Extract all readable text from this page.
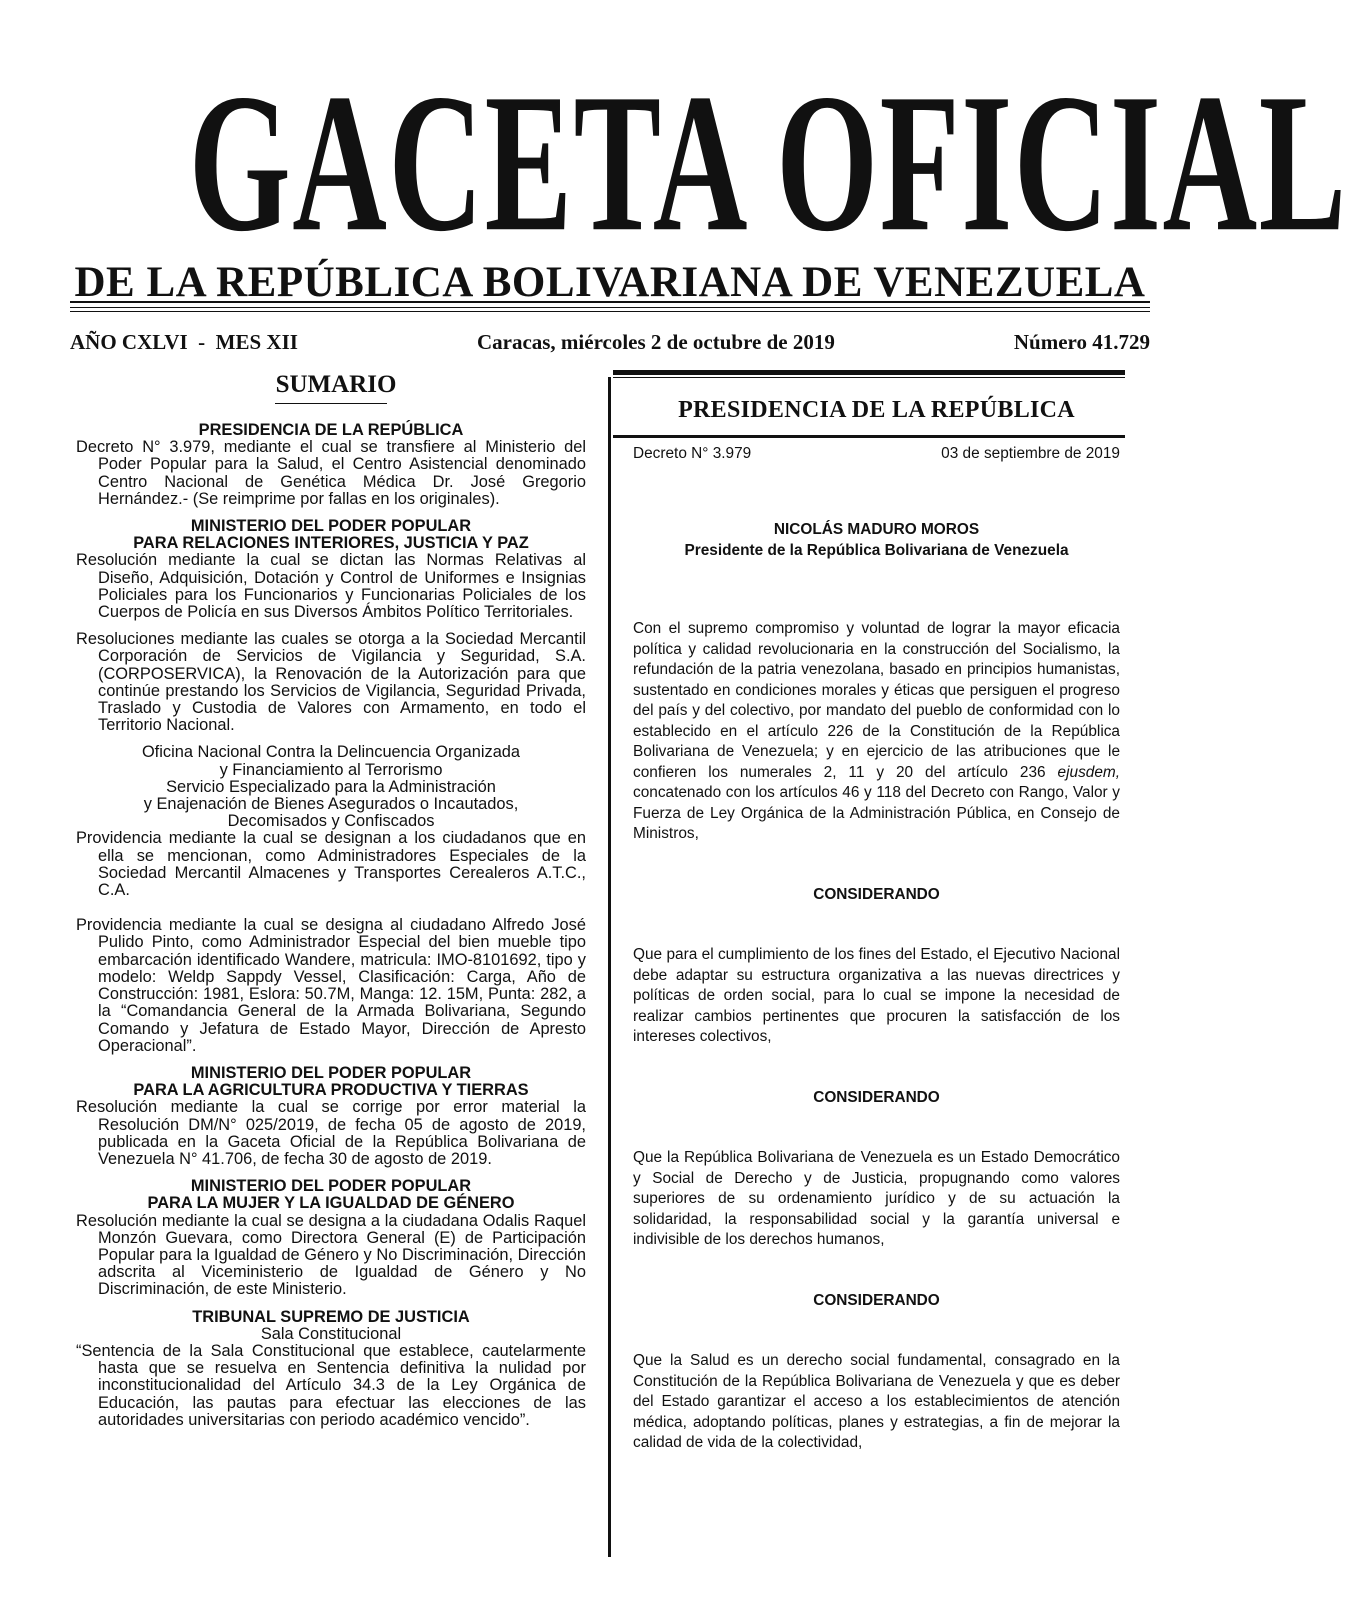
GACETA OFICIAL
DE LA REPÚBLICA BOLIVARIANA DE VENEZUELA
AÑO CXLVI  -  MES XII	Caracas, miércoles 2 de octubre de 2019	Número 41.729
SUMARIO
PRESIDENCIA DE LA REPÚBLICA
Decreto N° 3.979, mediante el cual se transfiere al Ministerio del Poder Popular para la Salud, el Centro Asistencial denominado Centro Nacional de Genética Médica Dr. José Gregorio Hernández.- (Se reimprime por fallas en los originales).
MINISTERIO DEL PODER POPULAR
PARA RELACIONES INTERIORES, JUSTICIA Y PAZ
Resolución mediante la cual se dictan las Normas Relativas al Diseño, Adquisición, Dotación y Control de Uniformes e Insignias Policiales para los Funcionarios y Funcionarias Policiales de los Cuerpos de Policía en sus Diversos Ámbitos Político Territoriales.
Resoluciones mediante las cuales se otorga a la Sociedad Mercantil Corporación de Servicios de Vigilancia y Seguridad, S.A. (CORPOSERVICA), la Renovación de la Autorización para que continúe prestando los Servicios de Vigilancia, Seguridad Privada, Traslado y Custodia de Valores con Armamento, en todo el Territorio Nacional.
Oficina Nacional Contra la Delincuencia Organizada
y Financiamiento al Terrorismo
Servicio Especializado para la Administración
y Enajenación de Bienes Asegurados o Incautados,
Decomisados y Confiscados
Providencia mediante la cual se designan a los ciudadanos que en ella se mencionan, como Administradores Especiales de la Sociedad Mercantil Almacenes y Transportes Cerealeros A.T.C., C.A.
Providencia mediante la cual se designa al ciudadano Alfredo José Pulido Pinto, como Administrador Especial del bien mueble tipo embarcación identificado Wandere, matricula: IMO-8101692, tipo y modelo: Weldp Sappdy Vessel, Clasificación: Carga, Año de Construcción: 1981, Eslora: 50.7M, Manga: 12. 15M, Punta: 282, a la “Comandancia General de la Armada Bolivariana, Segundo Comando y Jefatura de Estado Mayor, Dirección de Apresto Operacional”.
MINISTERIO DEL PODER POPULAR
PARA LA AGRICULTURA PRODUCTIVA Y TIERRAS
Resolución mediante la cual se corrige por error material la Resolución DM/N° 025/2019, de fecha 05 de agosto de 2019, publicada en la Gaceta Oficial de la República Bolivariana de Venezuela N° 41.706, de fecha 30 de agosto de 2019.
MINISTERIO DEL PODER POPULAR
PARA LA MUJER Y LA IGUALDAD DE GÉNERO
Resolución mediante la cual se designa a la ciudadana Odalis Raquel Monzón Guevara, como Directora General (E) de Participación Popular para la Igualdad de Género y No Discriminación, Dirección adscrita al Viceministerio de Igualdad de Género y No Discriminación, de este Ministerio.
TRIBUNAL SUPREMO DE JUSTICIA
Sala Constitucional
“Sentencia de la Sala Constitucional que establece, cautelarmente hasta que se resuelva en Sentencia definitiva la nulidad por inconstitucionalidad del Artículo 34.3 de la Ley Orgánica de Educación, las pautas para efectuar las elecciones de las autoridades universitarias con periodo académico vencido”.
PRESIDENCIA DE LA REPÚBLICA
Decreto N° 3.979	03 de septiembre de 2019
NICOLÁS MADURO MOROS
Presidente de la República Bolivariana de Venezuela
Con el supremo compromiso y voluntad de lograr la mayor eficacia política y calidad revolucionaria en la construcción del Socialismo, la refundación de la patria venezolana, basado en principios humanistas, sustentado en condiciones morales y éticas que persiguen el progreso del país y del colectivo, por mandato del pueblo de conformidad con lo establecido en el artículo 226 de la Constitución de la República Bolivariana de Venezuela; y en ejercicio de las atribuciones que le confieren los numerales 2, 11 y 20 del artículo 236 ejusdem, concatenado con los artículos 46 y 118 del Decreto con Rango, Valor y Fuerza de Ley Orgánica de la Administración Pública, en Consejo de Ministros,
CONSIDERANDO
Que para el cumplimiento de los fines del Estado, el Ejecutivo Nacional debe adaptar su estructura organizativa a las nuevas directrices y políticas de orden social, para lo cual se impone la necesidad de realizar cambios pertinentes que procuren la satisfacción de los intereses colectivos,
CONSIDERANDO
Que la República Bolivariana de Venezuela es un Estado Democrático y Social de Derecho y de Justicia, propugnando como valores superiores de su ordenamiento jurídico y de su actuación la solidaridad, la responsabilidad social y la garantía universal e indivisible de los derechos humanos,
CONSIDERANDO
Que la Salud es un derecho social fundamental, consagrado en la Constitución de la República Bolivariana de Venezuela y que es deber del Estado garantizar el acceso a los establecimientos de atención médica, adoptando políticas, planes y estrategias, a fin de mejorar la calidad de vida de la colectividad,
